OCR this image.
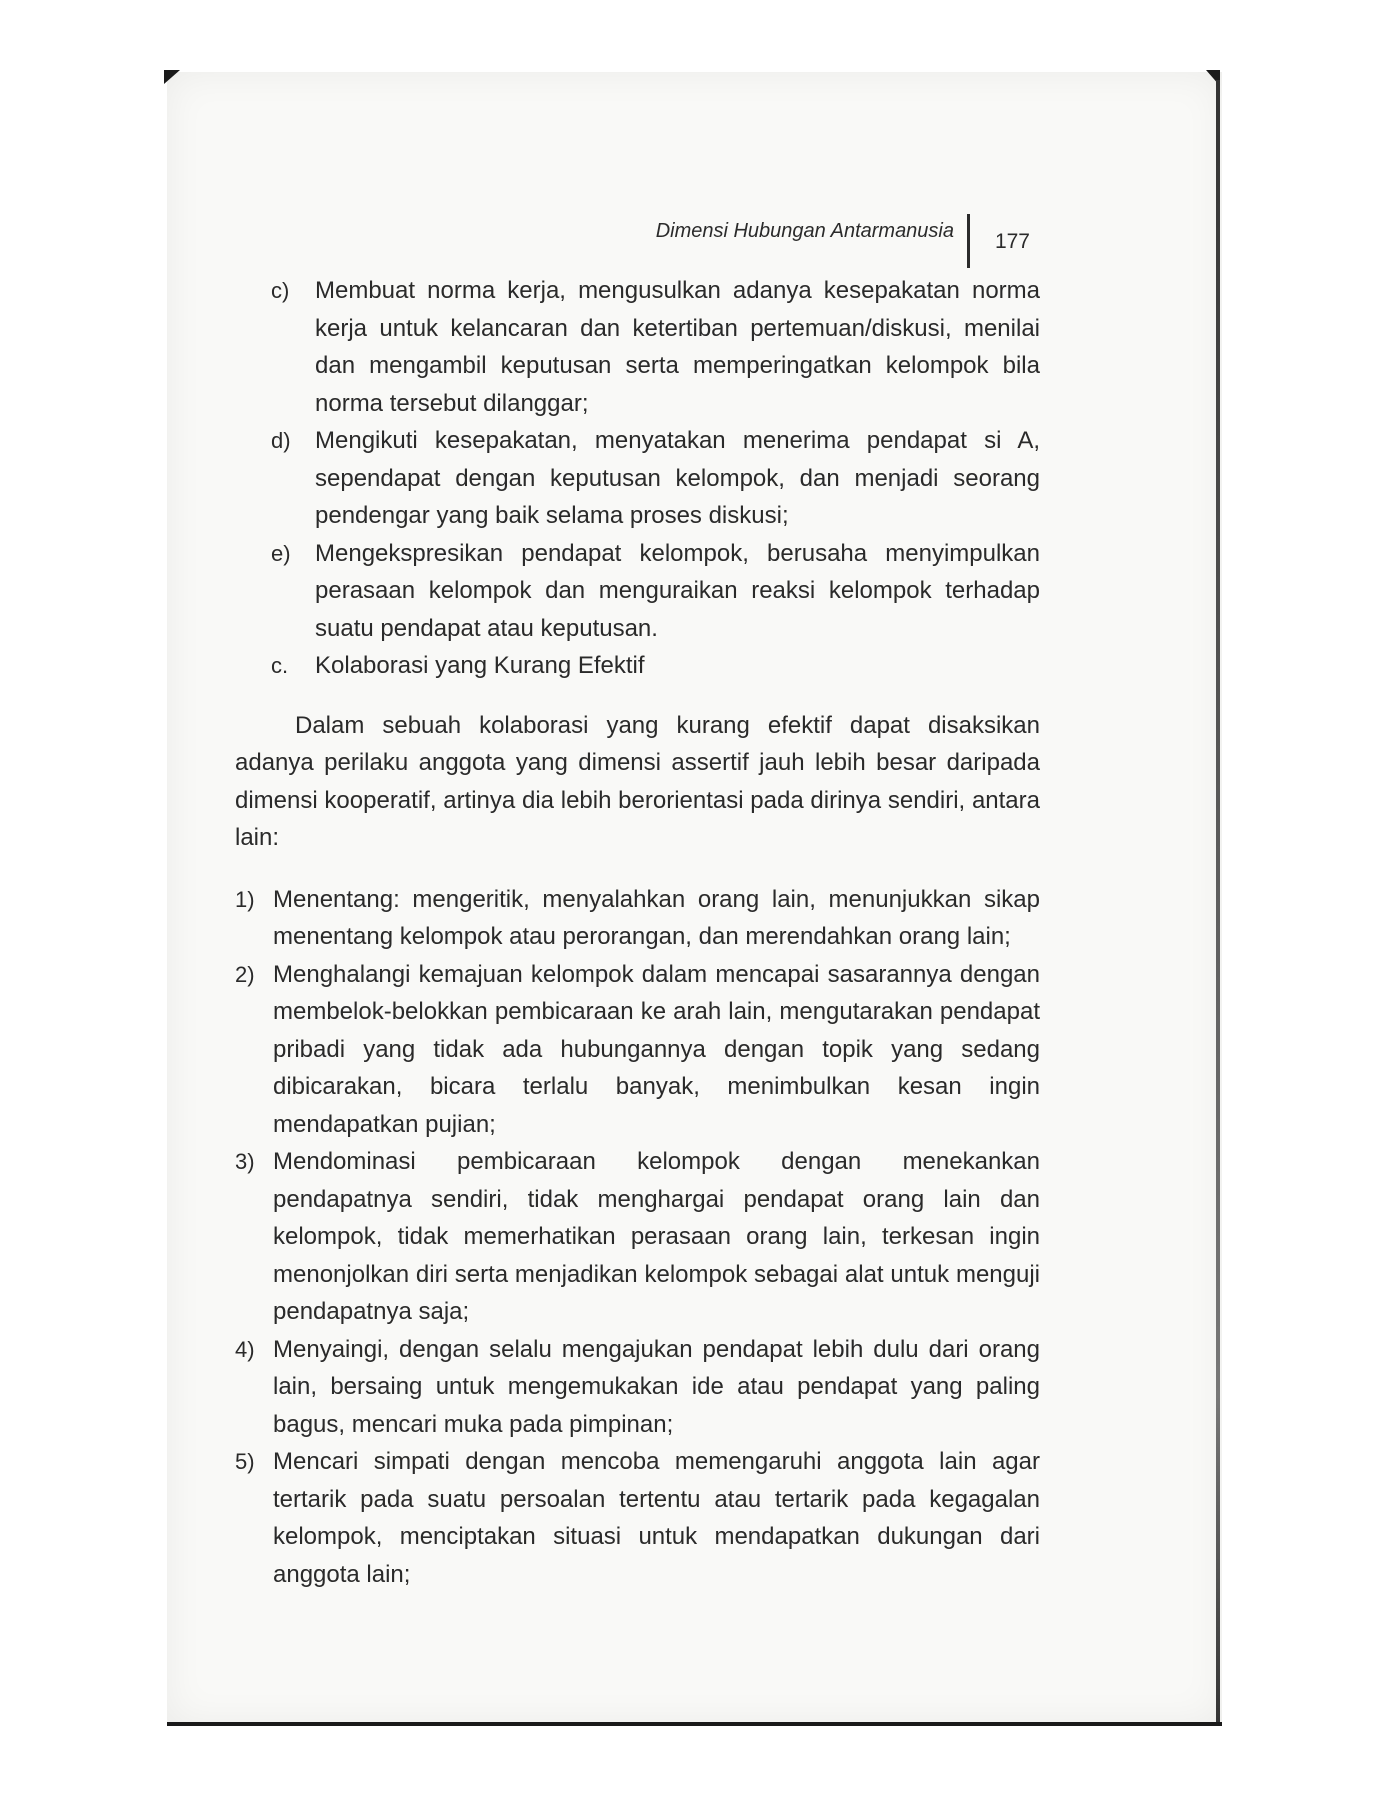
Dimensi Hubungan Antarmanusia 177
c) Membuat norma kerja, mengusulkan adanya kesepakatan norma kerja untuk kelancaran dan ketertiban pertemuan/diskusi, menilai dan mengambil keputusan serta memperingatkan kelompok bila norma tersebut dilanggar;
d) Mengikuti kesepakatan, menyatakan menerima pendapat si A, sependapat dengan keputusan kelompok, dan menjadi seorang pendengar yang baik selama proses diskusi;
e) Mengekspresikan pendapat kelompok, berusaha menyimpulkan perasaan kelompok dan menguraikan reaksi kelompok terhadap suatu pendapat atau keputusan.
c. Kolaborasi yang Kurang Efektif

Dalam sebuah kolaborasi yang kurang efektif dapat disaksikan adanya perilaku anggota yang dimensi assertif jauh lebih besar daripada dimensi kooperatif, artinya dia lebih berorientasi pada dirinya sendiri, antara lain:

1) Menentang: mengeritik, menyalahkan orang lain, menunjukkan sikap menentang kelompok atau perorangan, dan merendahkan orang lain;
2) Menghalangi kemajuan kelompok dalam mencapai sasarannya dengan membelok-belokkan pembicaraan ke arah lain, mengutarakan pendapat pribadi yang tidak ada hubungannya dengan topik yang sedang dibicarakan, bicara terlalu banyak, menimbulkan kesan ingin mendapatkan pujian;
3) Mendominasi pembicaraan kelompok dengan menekankan pendapatnya sendiri, tidak menghargai pendapat orang lain dan kelompok, tidak memerhatikan perasaan orang lain, terkesan ingin menonjolkan diri serta menjadikan kelompok sebagai alat untuk menguji pendapatnya saja;
4) Menyaingi, dengan selalu mengajukan pendapat lebih dulu dari orang lain, bersaing untuk mengemukakan ide atau pendapat yang paling bagus, mencari muka pada pimpinan;
5) Mencari simpati dengan mencoba memengaruhi anggota lain agar tertarik pada suatu persoalan tertentu atau tertarik pada kegagalan kelompok, menciptakan situasi untuk mendapatkan dukungan dari anggota lain;
